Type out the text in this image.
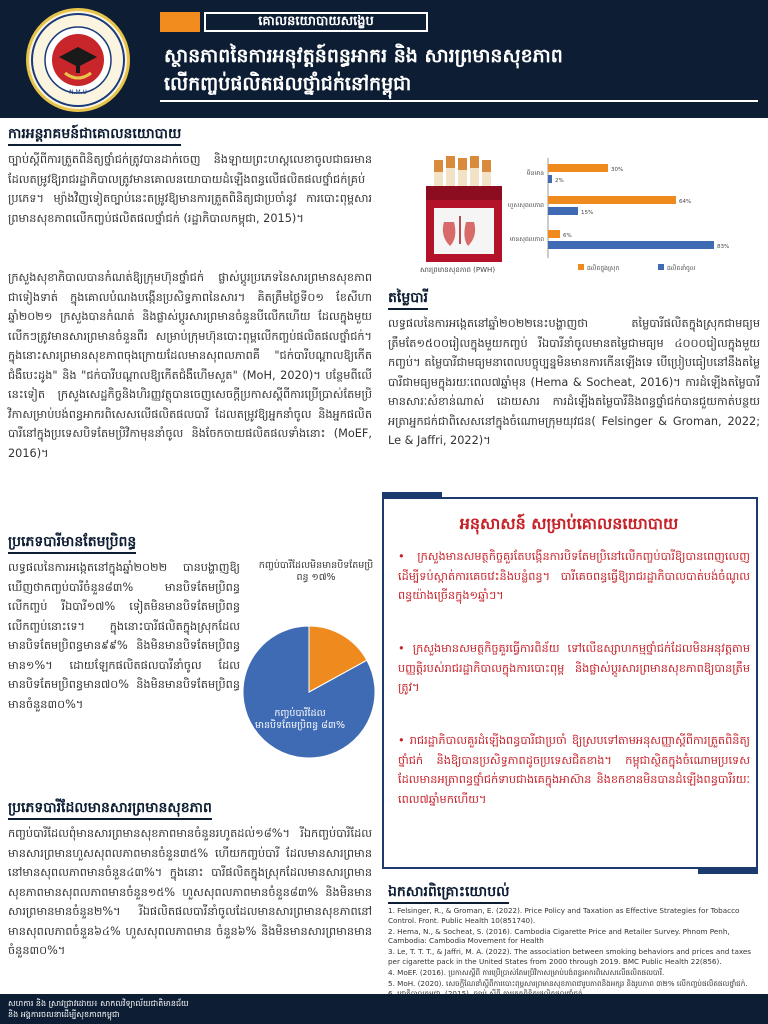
N.M.U
គោលនយោបាយសង្ខេប
ស្ថានភាពនៃការអនុវត្តន៍ពន្ធអាករ និង សារព្រមានសុខភាព
លើកញ្ចប់ផលិតផលថ្នាំជក់នៅកម្ពុជា
ការអន្តរាគមន៍ជាគោលនយោបាយ
ច្បាប់ស្តីពីការត្រួតពិនិត្យថ្នាំជក់ត្រូវបានដាក់ចេញ និងឡាយព្រះហស្តលេខាចូលជាធរមាន ដែលតម្រូវឱ្យរាជរដ្ឋាភិបាលត្រូវមានគោលនយោបាយដំឡើងពន្ធលើផលិតផលថ្នាំជក់គ្រប់ប្រភេទ។ ម្យ៉ាងវិញទៀតច្បាប់នេះតម្រូវឱ្យមានការត្រួតពិនិត្យជាប្រចាំនូវ ការបោះពុម្ពសារព្រមានសុខភាពលើកញ្ចប់ផលិតផលថ្នាំជក់ (រដ្ឋាភិបាលកម្ពុជា, 2015)។
ក្រសួងសុខាភិបាលបានកំណត់ឱ្យក្រុមហ៊ុនថ្នាំជក់ ផ្លាស់ប្តូរប្រភេទនៃសារព្រមានសុខភាពជាទៀងទាត់ ក្នុងគោលបំណងបង្កើនប្រសិទ្ធភាពនៃសារ។ គិតត្រឹមថ្ងៃទី០១ ខែសីហា ឆ្នាំ២០២១ ក្រសួងបានកំណត់ និងផ្លាស់ប្តូរសារព្រមានចំនួនបីលើកហើយ ដែលក្នុងមួយលើកៗត្រូវមានសារព្រមានចំនួនពីរ សម្រាប់ក្រុមហ៊ុនបោះពុម្ពលើកញ្ចប់ផលិតផលថ្នាំជក់។ ក្នុងនោះសារព្រមានសុខភាពចុងក្រោយដែលមានសុពលភាពគឺ "ជក់បារីបណ្តាលឱ្យកើតជំងឺបេះដូង" និង "ជក់បារីបណ្តាលឱ្យកើតជំងឺហើមសួត" (MoH, 2020)។ បន្ថែមពីលើនេះទៀត ក្រសួងសេដ្ឋកិច្ចនិងហិរញ្ញវត្ថុបានចេញសេចក្តីប្រកាសស្តីពីការប្រើប្រាស់តែមប្រិវិកាសម្រាប់បង់ពន្ធអាករពិសេសលើផលិតផលបារី ដែលតម្រូវឱ្យអ្នកនាំចូល និងអ្នកផលិតបារីនៅក្នុងប្រទេសបិទតែមប្រិវិកាមុននាំចូល និងចែកចាយផលិតផលទាំងនោះ (MoEF, 2016)។
ប្រភេទបារីមានតែមប្រិពន្ធ
លទ្ធផលនៃការអង្កេតនៅក្នុងឆ្នាំ២០២២ បានបង្ហាញឱ្យឃើញថាកញ្ចប់បារីចំនួន៨៣% មានបិទតែមប្រិពន្ធលើកញ្ចប់ រីឯបារី១៧% ទៀតមិនមានបិទតែមប្រិពន្ធលើកញ្ចប់នោះទេ។ ក្នុងនោះបារីផលិតក្នុងស្រុកដែលមានបិទតែមប្រិពន្ធមាន៩៩% និងមិនមានបិទតែមប្រិពន្ធមាន១%។ ដោយឡែកផលិតផលបារីនាំចូល ដែលមានបិទតែមប្រិពន្ធមាន៧០% និងមិនមានបិទតែមប្រិពន្ធមានចំនួន៣០%។
កញ្ចប់បារីដែលមិនមានបិទតែមប្រិពន្ធ ១៧%
កញ្ចប់បារីដែលមានបិទតែមប្រិពន្ធ ៨៣%
ប្រភេទបារីដែលមានសារព្រមានសុខភាព
កញ្ចប់បារីដែលពុំមានសារព្រមានសុខភាពមានចំនួនរហូតដល់១៨%។ រីឯកញ្ចប់បារីដែលមានសារព្រមានហួសសុពលភាពមានចំនួន៣៥% ហើយកញ្ចប់បារី ដែលមានសារព្រមាននៅមានសុពលភាពមានចំនួន៤៣%។ ក្នុងនោះ បារីផលិតក្នុងស្រុកដែលមានសារព្រមានសុខភាពមានសុពលភាពមានចំនួន១៥% ហួសសុពលភាពមានចំនួន៨៣% និងមិនមានសារព្រមានមានចំនួន២%។ រីឯផលិតផលបារីនាំចូលដែលមានសារព្រមានសុខភាពនៅមានសុពលភាពចំនួន៦៤% ហួសសុពលភាពមាន ចំនួន៦% និងមិនមានសារព្រមានមានចំនួន៣០%។
សារព្រមានសុខភាព (PWH)
មិនមាន	30%
2%
ហួសសុពលភាព	64%
15%
មានសុពលភាព	6%
83%
ផលិតក្នុងស្រុក	ផលិតនាំចូល
តម្លៃបារី
លទ្ធផលនៃការអង្កេតនៅឆ្នាំ២០២២នេះបង្ហាញថា តម្លៃបារីផលិតក្នុងស្រុកជាមធ្យមត្រឹមតែ១៥០០រៀលក្នុងមួយកញ្ចប់ រីឯបារីនាំចូលមានតម្លៃជាមធ្យម ៤០០០រៀលក្នុងមួយកញ្ចប់។ តម្លៃបារីជាមធ្យមនាពេលបច្ចុប្បន្នមិនមានការកើនឡើងទេ បើប្រៀបធៀបនៅនឹងតម្លៃបារីជាមធ្យមក្នុងរយៈពេល៧ឆ្នាំមុន (Hema & Socheat, 2016)។ ការដំឡើងតម្លៃបារីមានសារៈសំខាន់ណាស់ ដោយសារ ការដំឡើងតម្លៃបារីនិងពន្ធថ្នាំជក់បានជួយកាត់បន្ថយអត្រាអ្នកជក់ជាពិសេសនៅក្នុងចំណោមក្រុមយុវជន( Felsinger & Groman, 2022; Le & Jaffri, 2022)។
អនុសាសន៍ សម្រាប់គោលនយោបាយ
• ក្រសួងមានសមត្ថកិច្ចគួរតែបង្កើនការបិទតែមប្រិនៅលើកញ្ចប់បារីឱ្យបានពេញលេញដើម្បីទប់ស្កាត់ការគេចវេះនិងបន្លំពន្ធ។ បារីគេចពន្ធធ្វើឱ្យរាជរដ្ឋាភិបាលបាត់បង់ចំណូលពន្ធយ៉ាងច្រើនក្នុង១ឆ្នាំៗ។
• ក្រសួងមានសមត្ថកិច្ចគួរធ្វើការពិន័យ ទៅលើឧស្សាហកម្មថ្នាំជក់ដែលមិនអនុវត្តតាមបញ្ញត្តិរបស់រាជរដ្ឋាភិបាលក្នុងការបោះពុម្ព និងផ្លាស់ប្តូរសារព្រមានសុខភាពឱ្យបានត្រឹមត្រូវ។
• រាជរដ្ឋាភិបាលគួរដំឡើងពន្ធបារីជាប្រចាំ ឱ្យស្របទៅតាមអនុសញ្ញាស្តីពីការត្រួតពិនិត្យថ្នាំជក់ និងឱ្យបានប្រសិទ្ធភាពដូចប្រទេសជិតខាង។ កម្ពុជាស្ថិតក្នុងចំណោមប្រទេសដែលមានអត្រាពន្ធថ្នាំជក់ទាបជាងគេក្នុងអាស៊ាន និងខកខានមិនបានដំឡើងពន្ធបារីរយៈពេល៧ឆ្នាំមកហើយ។
ឯកសារពិគ្រោះយោបល់
1. Felsinger, R., & Groman, E. (2022). Price Policy and Taxation as Effective Strategies for Tobacco Control. Front. Public Health 10(851740).
2. Hema, N., & Socheat, S. (2016). Cambodia Cigarette Price and Retailer Survey. Phnom Penh, Cambodia: Cambodia Movement for Health
3. Le, T. T. T., & Jaffri, M. A. (2022). The association between smoking behaviors and prices and taxes per cigarette pack in the United States from 2000 through 2019. BMC Public Health 22(856).
4. MoEF. (2016). ប្រកាសស្តីពី ការប្រើប្រាស់តែមប្រិវិកាសម្រាប់បង់ពន្ធអាករពិសេសលើផលិតផលបារី.
5. MoH. (2020). សេចក្តីណែនាំស្តីពីការបោះពុម្ពសារព្រមានសុខភាពជារូបភាពនិងអក្សរ និងរូបភាព ៣២% លើកញ្ចប់ផលិតផលថ្នាំជក់.
សហការ និង ស្រាវជ្រាវដោយ៖ សាកលវិទ្យាល័យជាតិមានជ័យ
និង អង្គការចលនាដើម្បីសុខភាពកម្ពុជា
